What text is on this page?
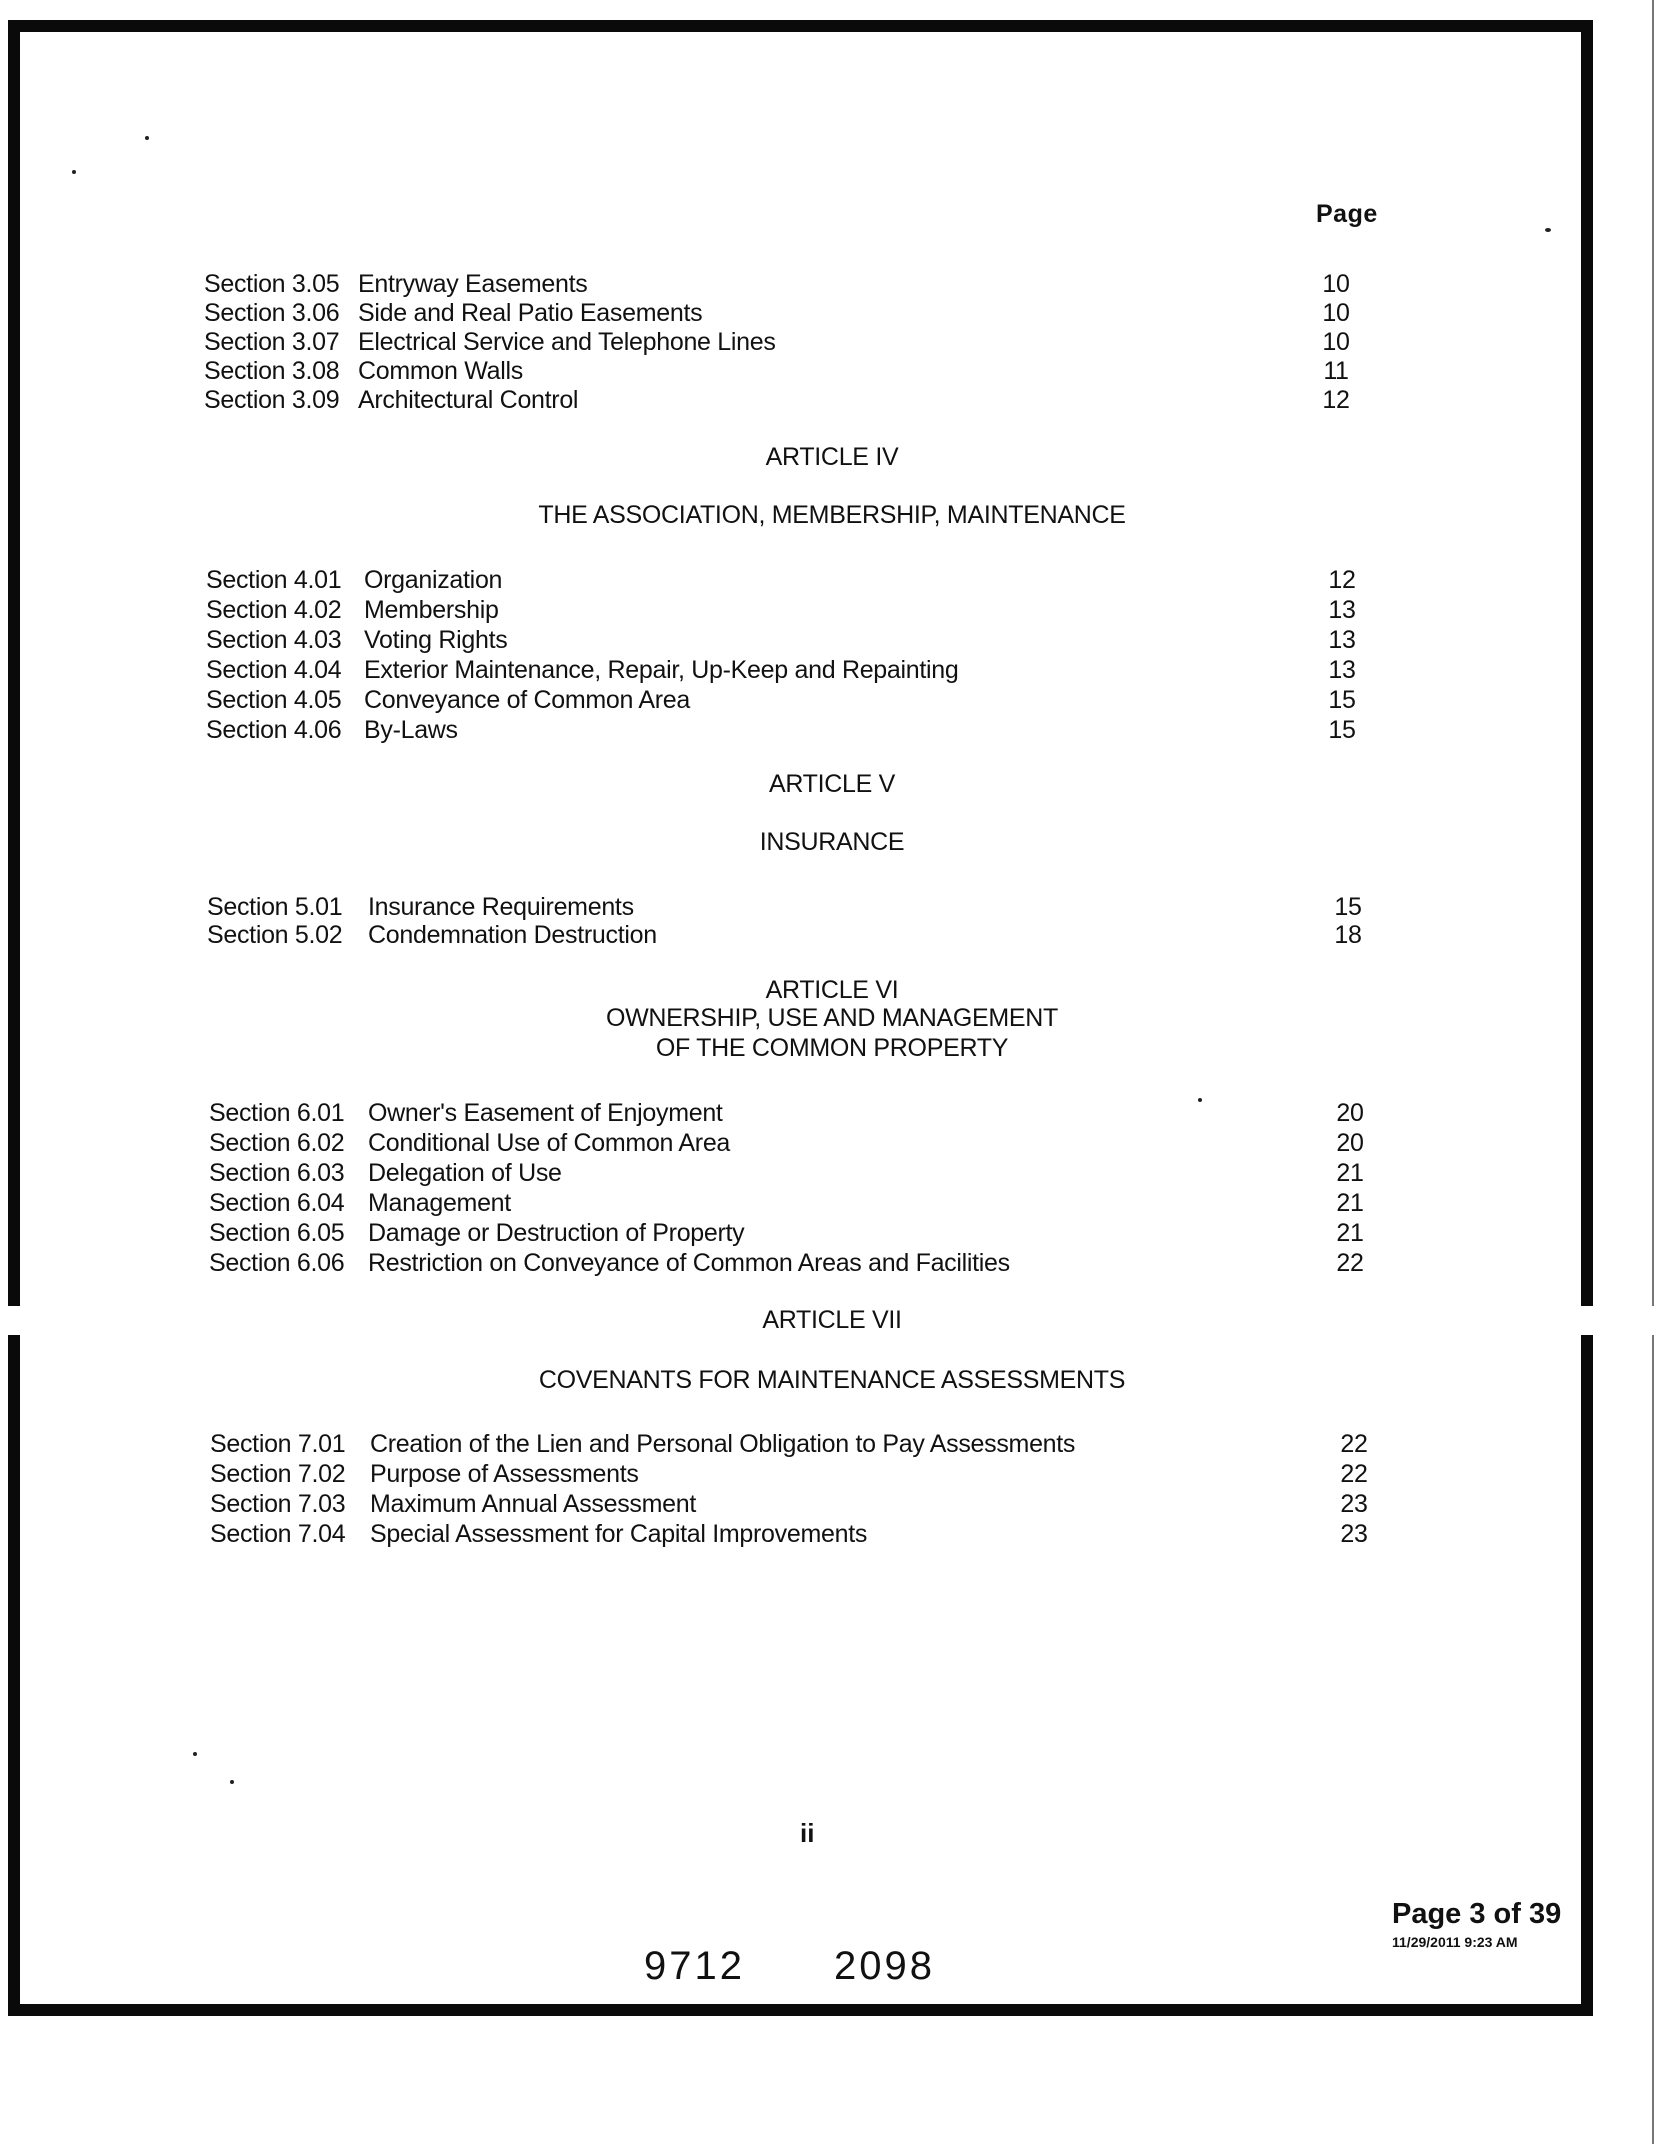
Page
Section 3.05 Entryway Easements	10
Section 3.06 Side and Real Patio Easements	10
Section 3.07 Electrical Service and Telephone Lines	10
Section 3.08 Common Walls	11
Section 3.09 Architectural Control	12
ARTICLE IV
THE ASSOCIATION, MEMBERSHIP, MAINTENANCE
Section 4.01 Organization	12
Section 4.02 Membership	13
Section 4.03 Voting Rights	13
Section 4.04 Exterior Maintenance, Repair, Up-Keep and Repainting	13
Section 4.05 Conveyance of Common Area	15
Section 4.06 By-Laws	15
ARTICLE V
INSURANCE
Section 5.01 Insurance Requirements	15
Section 5.02 Condemnation Destruction	18
ARTICLE VI
OWNERSHIP, USE AND MANAGEMENT
OF THE COMMON PROPERTY
Section 6.01 Owner's Easement of Enjoyment	20
Section 6.02 Conditional Use of Common Area	20
Section 6.03 Delegation of Use	21
Section 6.04 Management	21
Section 6.05 Damage or Destruction of Property	21
Section 6.06 Restriction on Conveyance of Common Areas and Facilities	22
ARTICLE VII
COVENANTS FOR MAINTENANCE ASSESSMENTS
Section 7.01 Creation of the Lien and Personal Obligation to Pay Assessments	22
Section 7.02 Purpose of Assessments	22
Section 7.03 Maximum Annual Assessment	23
Section 7.04 Special Assessment for Capital Improvements	23
ii
Page 3 of 39
11/29/2011 9:23 AM
9712 2098
